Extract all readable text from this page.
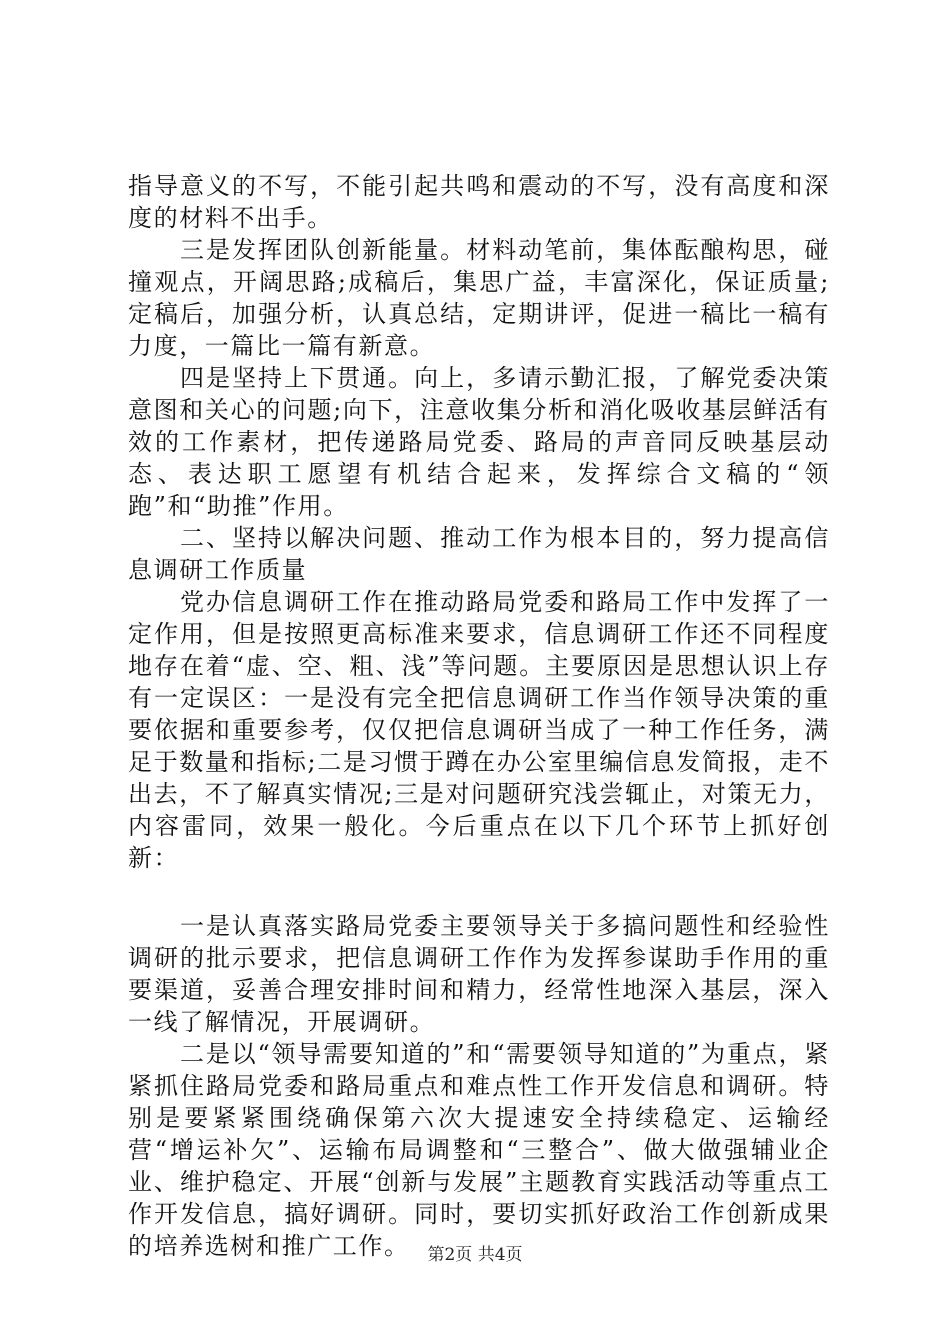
指导意义的不写，不能引起共鸣和震动的不写，没有高度和深度的材料不出手。

三是发挥团队创新能量。材料动笔前，集体酝酿构思，碰撞观点，开阔思路;成稿后，集思广益，丰富深化，保证质量;定稿后，加强分析，认真总结，定期讲评，促进一稿比一稿有力度，一篇比一篇有新意。

四是坚持上下贯通。向上，多请示勤汇报，了解党委决策意图和关心的问题;向下，注意收集分析和消化吸收基层鲜活有效的工作素材，把传递路局党委、路局的声音同反映基层动态、表达职工愿望有机结合起来，发挥综合文稿的“领跑”和“助推”作用。

二、坚持以解决问题、推动工作为根本目的，努力提高信息调研工作质量

党办信息调研工作在推动路局党委和路局工作中发挥了一定作用，但是按照更高标准来要求，信息调研工作还不同程度地存在着“虚、空、粗、浅”等问题。主要原因是思想认识上存有一定误区：一是没有完全把信息调研工作当作领导决策的重要依据和重要参考，仅仅把信息调研当成了一种工作任务，满足于数量和指标;二是习惯于蹲在办公室里编信息发简报，走不出去，不了解真实情况;三是对问题研究浅尝辄止，对策无力，内容雷同，效果一般化。今后重点在以下几个环节上抓好创新：

一是认真落实路局党委主要领导关于多搞问题性和经验性调研的批示要求，把信息调研工作作为发挥参谋助手作用的重要渠道，妥善合理安排时间和精力，经常性地深入基层，深入一线了解情况，开展调研。

二是以“领导需要知道的”和“需要领导知道的”为重点，紧紧抓住路局党委和路局重点和难点性工作开发信息和调研。特别是要紧紧围绕确保第六次大提速安全持续稳定、运输经营“增运补欠”、运输布局调整和“三整合”、做大做强辅业企业、维护稳定、开展“创新与发展”主题教育实践活动等重点工作开发信息，搞好调研。同时，要切实抓好政治工作创新成果的培养选树和推广工作。	第2页 共4页
